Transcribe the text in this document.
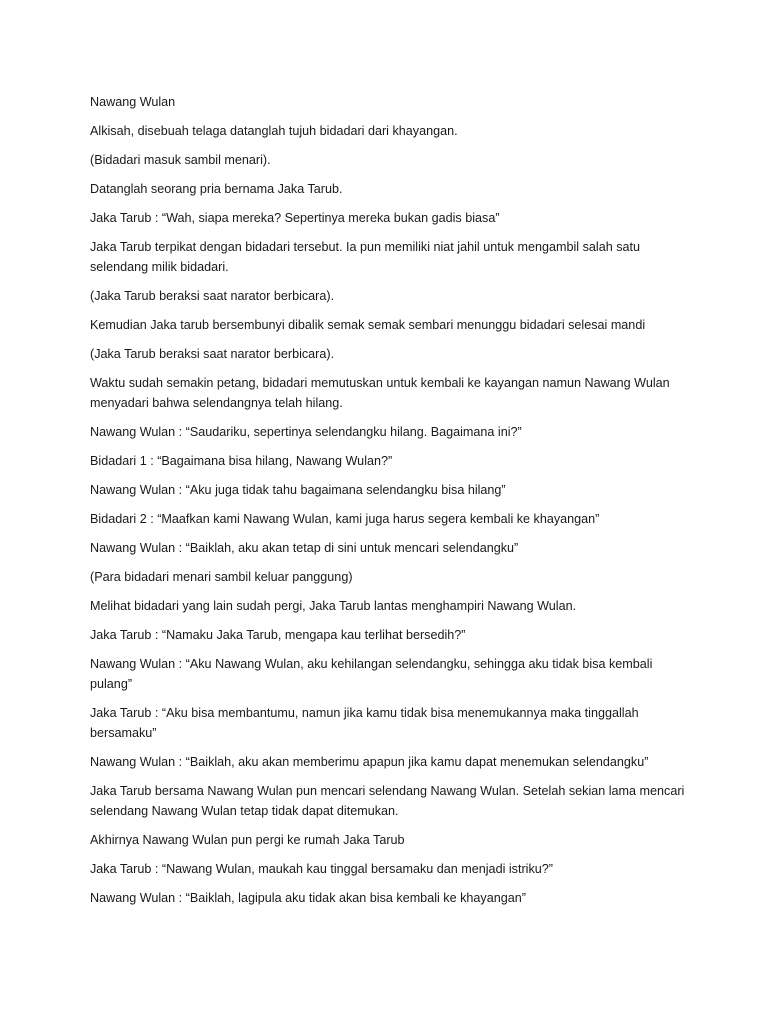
Nawang Wulan

Alkisah, disebuah telaga datanglah tujuh bidadari dari khayangan.

(Bidadari masuk sambil menari).

Datanglah seorang pria bernama Jaka Tarub.

Jaka Tarub : “Wah, siapa mereka? Sepertinya mereka bukan gadis biasa”

Jaka Tarub terpikat dengan bidadari tersebut. Ia pun memiliki niat jahil untuk mengambil salah satu selendang milik bidadari.

(Jaka Tarub beraksi saat narator berbicara).

Kemudian Jaka tarub bersembunyi dibalik semak semak sembari menunggu bidadari selesai mandi

(Jaka Tarub beraksi saat narator berbicara).

Waktu sudah semakin petang, bidadari memutuskan untuk kembali ke kayangan namun Nawang Wulan menyadari bahwa selendangnya telah hilang.

Nawang Wulan : “Saudariku, sepertinya selendangku hilang. Bagaimana ini?”

Bidadari 1 : “Bagaimana bisa hilang, Nawang Wulan?”

Nawang Wulan : “Aku juga tidak tahu bagaimana selendangku bisa hilang”

Bidadari 2 : “Maafkan kami Nawang Wulan, kami juga harus segera kembali ke khayangan”

Nawang Wulan : “Baiklah, aku akan tetap di sini untuk mencari selendangku”

(Para bidadari menari sambil keluar panggung)

Melihat bidadari yang lain sudah pergi, Jaka Tarub lantas menghampiri Nawang Wulan.

Jaka Tarub : “Namaku Jaka Tarub, mengapa kau terlihat bersedih?”

Nawang Wulan : “Aku Nawang Wulan, aku kehilangan selendangku, sehingga aku tidak bisa kembali pulang”

Jaka Tarub : “Aku bisa membantumu, namun jika kamu tidak bisa menemukannya maka tinggallah bersamaku”

Nawang Wulan : “Baiklah, aku akan memberimu apapun jika kamu dapat menemukan selendangku”

Jaka Tarub bersama Nawang Wulan pun mencari selendang Nawang Wulan. Setelah sekian lama mencari selendang Nawang Wulan tetap tidak dapat ditemukan.

Akhirnya Nawang Wulan pun pergi ke rumah Jaka Tarub

Jaka Tarub : “Nawang Wulan, maukah kau tinggal bersamaku dan menjadi istriku?”

Nawang Wulan : “Baiklah, lagipula aku tidak akan bisa kembali ke khayangan”
